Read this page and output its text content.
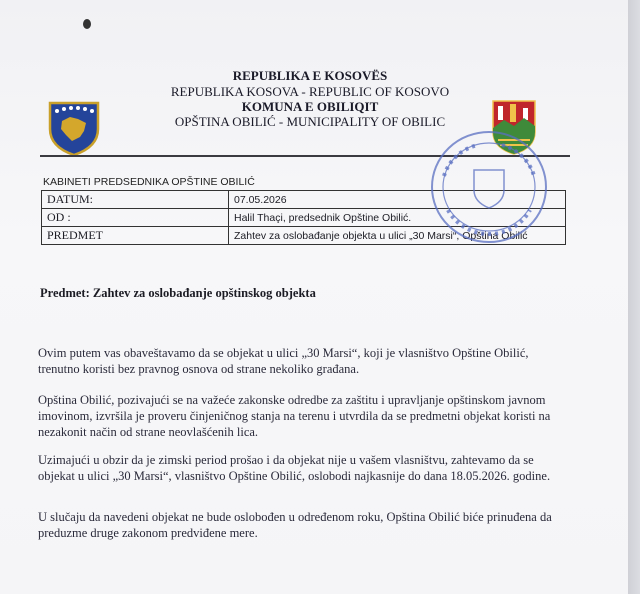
REPUBLIKA E KOSOVËS
REPUBLIKA KOSOVA - REPUBLIC OF KOSOVO
KOMUNA E OBILIQIT
OPŠTINA OBILIĆ - MUNICIPALITY OF OBILIC
KABINETI PREDSEDNIKA OPŠTINE OBILIĆ
DATUM:	07.05.2026
OD :	Halil Thaçi, predsednik Opštine Obilić.
PREDMET	Zahtev za oslobađanje objekta u ulici „30 Marsi“, Opština Obilić
Predmet: Zahtev za oslobađanje opštinskog objekta

Ovim putem vas obaveštavamo da se objekat u ulici „30 Marsi“, koji je vlasništvo Opštine Obilić, trenutno koristi bez pravnog osnova od strane nekoliko građana.

Opština Obilić, pozivajući se na važeće zakonske odredbe za zaštitu i upravljanje opštinskom javnom imovinom, izvršila je proveru činjeničnog stanja na terenu i utvrdila da se predmetni objekat koristi na nezakonit način od strane neovlašćenih lica.

Uzimajući u obzir da je zimski period prošao i da objekat nije u vašem vlasništvu, zahtevamo da se objekat u ulici „30 Marsi“, vlasništvo Opštine Obilić, oslobodi najkasnije do dana 18.05.2026. godine.

U slučaju da navedeni objekat ne bude oslobođen u određenom roku, Opština Obilić biće prinuđena da preduzme druge zakonom predviđene mere.
